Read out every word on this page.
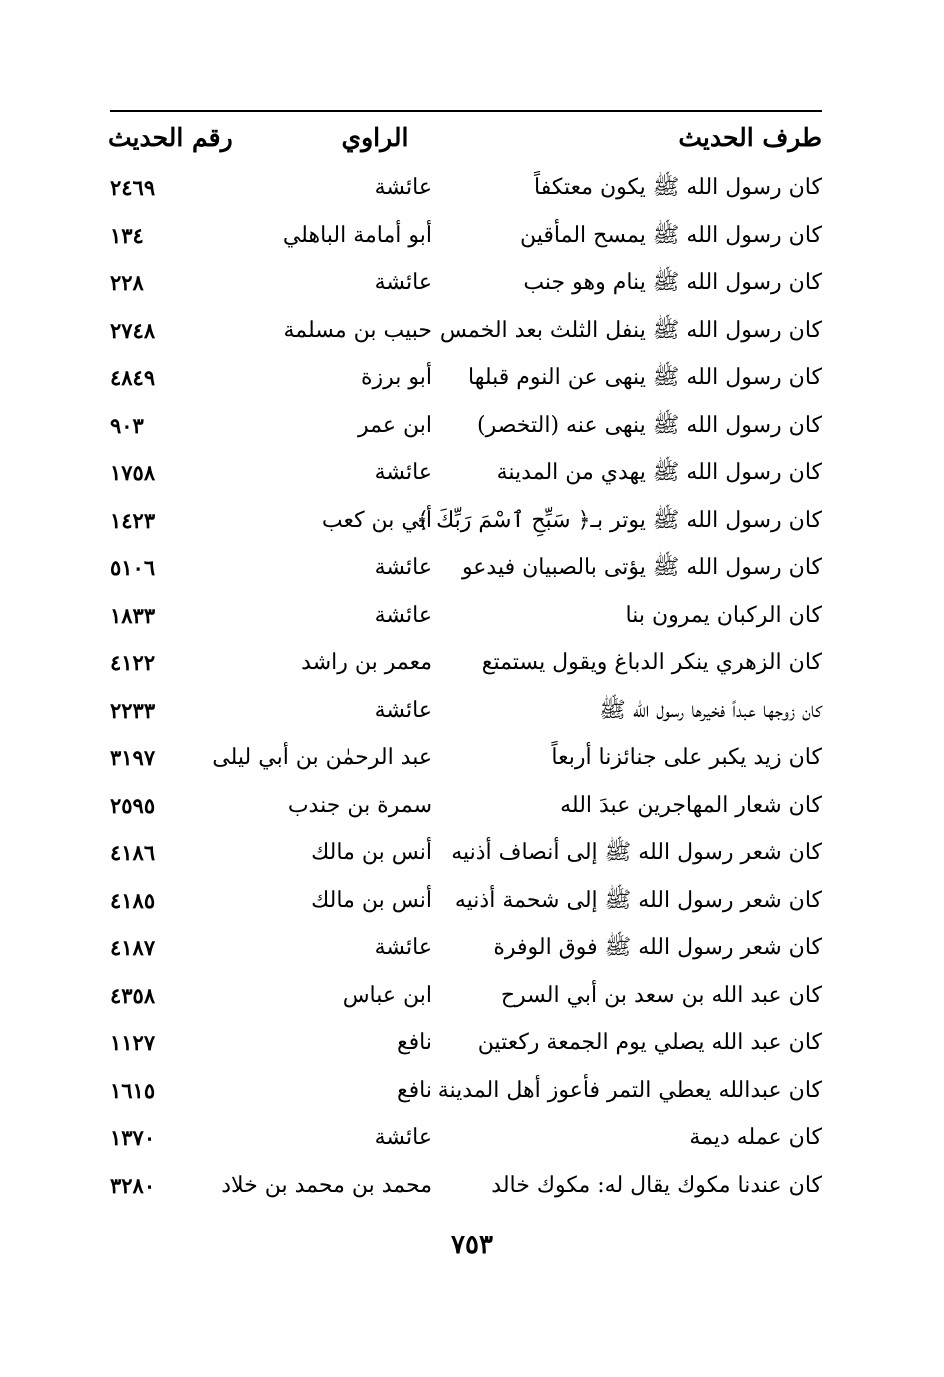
طرف الحديث
الراوي
رقم الحديث
كان رسول الله ﷺ يكون معتكفاً
عائشة
٢٤٦٩
كان رسول الله ﷺ يمسح المأقين
أبو أمامة الباهلي
١٣٤
كان رسول الله ﷺ ينام وهو جنب
عائشة
٢٢٨
كان رسول الله ﷺ ينفل الثلث بعد الخمس
حبيب بن مسلمة
٢٧٤٨
كان رسول الله ﷺ ينهى عن النوم قبلها
أبو برزة
٤٨٤٩
كان رسول الله ﷺ ينهى عنه (التخصر)
ابن عمر
٩٠٣
كان رسول الله ﷺ يهدي من المدينة
عائشة
١٧٥٨
كان رسول الله ﷺ يوتر بـ﴿ سَبِّحِ ٱسْمَ رَبِّكَ ﴾
أبي بن كعب
١٤٢٣
كان رسول الله ﷺ يؤتى بالصبيان فيدعو
عائشة
٥١٠٦
كان الركبان يمرون بنا
عائشة
١٨٣٣
كان الزهري ينكر الدباغ ويقول يستمتع
معمر بن راشد
٤١٢٢
كان زوجها عبداً فخيرها رسول الله ﷺ
عائشة
٢٢٣٣
كان زيد يكبر على جنائزنا أربعاً
عبد الرحمٰن بن أبي ليلى
٣١٩٧
كان شعار المهاجرين عبدَ الله
سمرة بن جندب
٢٥٩٥
كان شعر رسول الله ﷺ إلى أنصاف أذنيه
أنس بن مالك
٤١٨٦
كان شعر رسول الله ﷺ إلى شحمة أذنيه
أنس بن مالك
٤١٨٥
كان شعر رسول الله ﷺ فوق الوفرة
عائشة
٤١٨٧
كان عبد الله بن سعد بن أبي السرح
ابن عباس
٤٣٥٨
كان عبد الله يصلي يوم الجمعة ركعتين
نافع
١١٢٧
كان عبدالله يعطي التمر فأعوز أهل المدينة
نافع
١٦١٥
كان عمله ديمة
عائشة
١٣٧٠
كان عندنا مكوك يقال له: مكوك خالد
محمد بن محمد بن خلاد
٣٢٨٠
٧٥٣
